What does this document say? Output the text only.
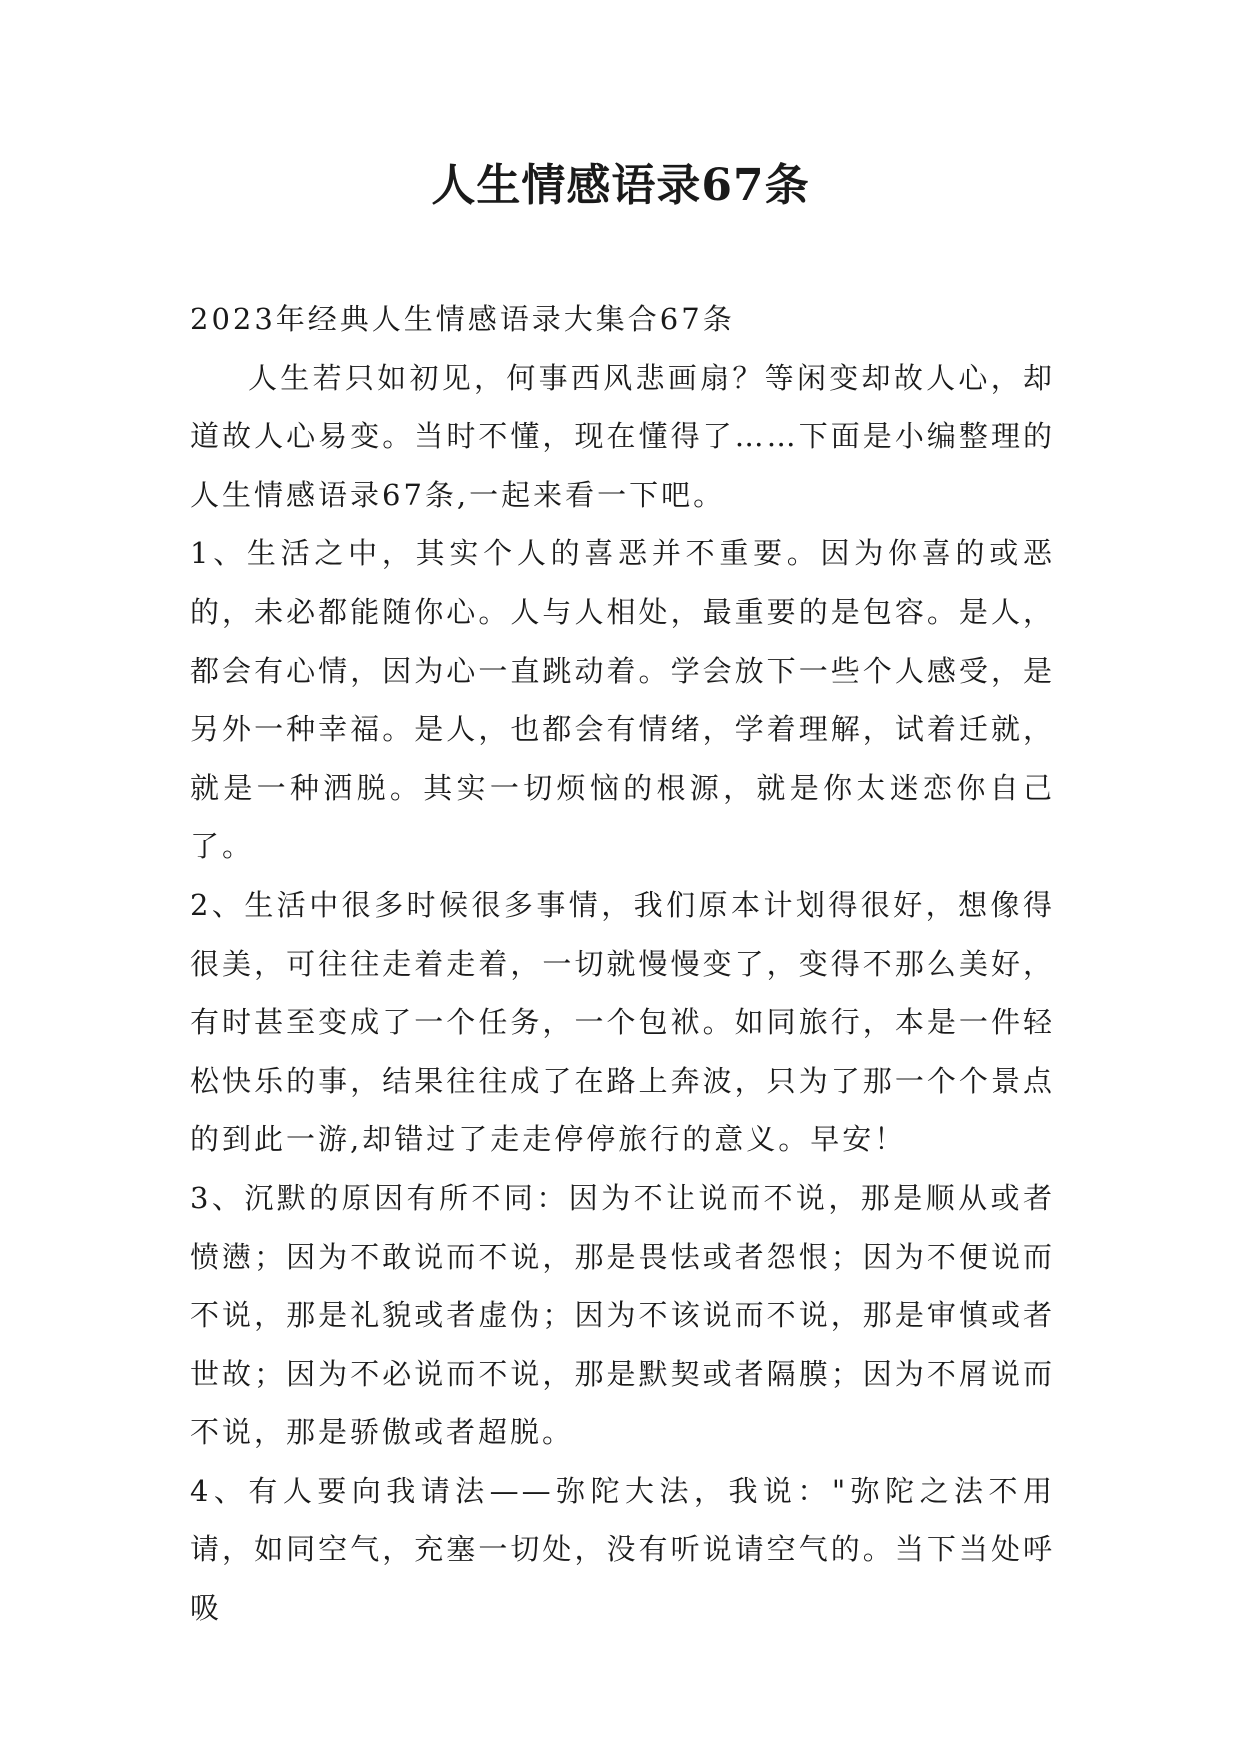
人生情感语录67条

2023年经典人生情感语录大集合67条

人生若只如初见，何事西风悲画扇？等闲变却故人心，却道故人心易变。当时不懂，现在懂得了……下面是小编整理的人生情感语录67条,一起来看一下吧。

1、生活之中，其实个人的喜恶并不重要。因为你喜的或恶的，未必都能随你心。人与人相处，最重要的是包容。是人，都会有心情，因为心一直跳动着。学会放下一些个人感受，是另外一种幸福。是人，也都会有情绪，学着理解，试着迁就，就是一种洒脱。其实一切烦恼的根源，就是你太迷恋你自己了。

2、生活中很多时候很多事情，我们原本计划得很好，想像得很美，可往往走着走着，一切就慢慢变了，变得不那么美好，有时甚至变成了一个任务，一个包袱。如同旅行，本是一件轻松快乐的事，结果往往成了在路上奔波，只为了那一个个景点的到此一游,却错过了走走停停旅行的意义。早安！

3、沉默的原因有所不同：因为不让说而不说，那是顺从或者愤懑；因为不敢说而不说，那是畏怯或者怨恨；因为不便说而不说，那是礼貌或者虚伪；因为不该说而不说，那是审慎或者世故；因为不必说而不说，那是默契或者隔膜；因为不屑说而不说，那是骄傲或者超脱。

4、有人要向我请法——弥陀大法，我说："弥陀之法不用请，如同空气，充塞一切处，没有听说请空气的。当下当处呼吸
